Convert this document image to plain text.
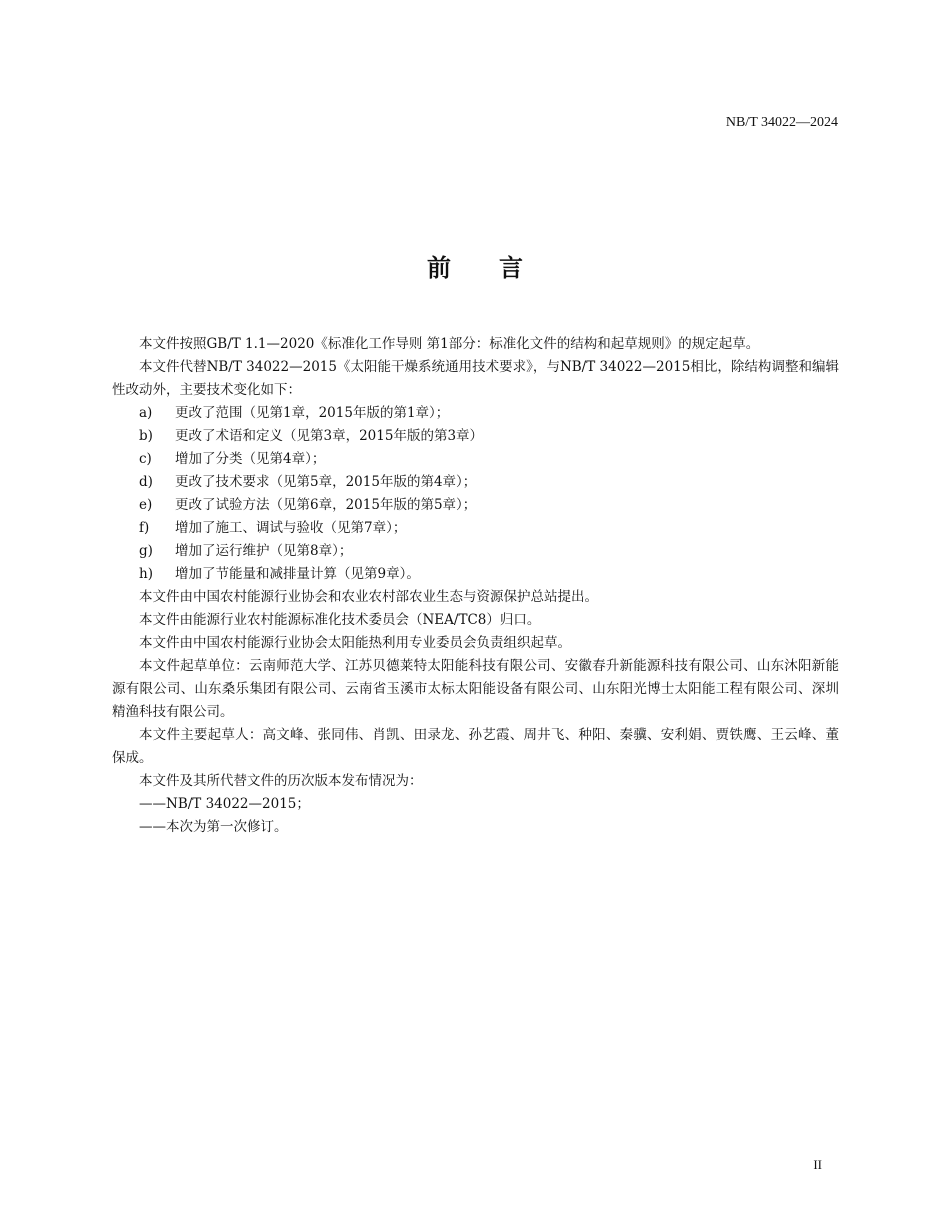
NB/T 34022—2024
前言

本文件按照GB/T 1.1—2020《标准化工作导则 第1部分：标准化文件的结构和起草规则》的规定起草。

本文件代替NB/T 34022—2015《太阳能干燥系统通用技术要求》，与NB/T 34022—2015相比，除结构调整和编辑性改动外，主要技术变化如下：

a)	更改了范围（见第1章，2015年版的第1章）；
b)	更改了术语和定义（见第3章，2015年版的第3章）
c)	增加了分类（见第4章）；
d)	更改了技术要求（见第5章，2015年版的第4章）；
e)	更改了试验方法（见第6章，2015年版的第5章）；
f)	增加了施工、调试与验收（见第7章）；
g)	增加了运行维护（见第8章）；
h)	增加了节能量和减排量计算（见第9章）。

本文件由中国农村能源行业协会和农业农村部农业生态与资源保护总站提出。

本文件由能源行业农村能源标准化技术委员会（NEA/TC8）归口。

本文件由中国农村能源行业协会太阳能热利用专业委员会负责组织起草。

本文件起草单位：云南师范大学、江苏贝德莱特太阳能科技有限公司、安徽春升新能源科技有限公司、山东沐阳新能源有限公司、山东桑乐集团有限公司、云南省玉溪市太标太阳能设备有限公司、山东阳光博士太阳能工程有限公司、深圳精渔科技有限公司。

本文件主要起草人：高文峰、张同伟、肖凯、田录龙、孙艺霞、周井飞、种阳、秦骥、安利娟、贾铁鹰、王云峰、董保成。

本文件及其所代替文件的历次版本发布情况为：

——NB/T 34022—2015；

——本次为第一次修订。

II
